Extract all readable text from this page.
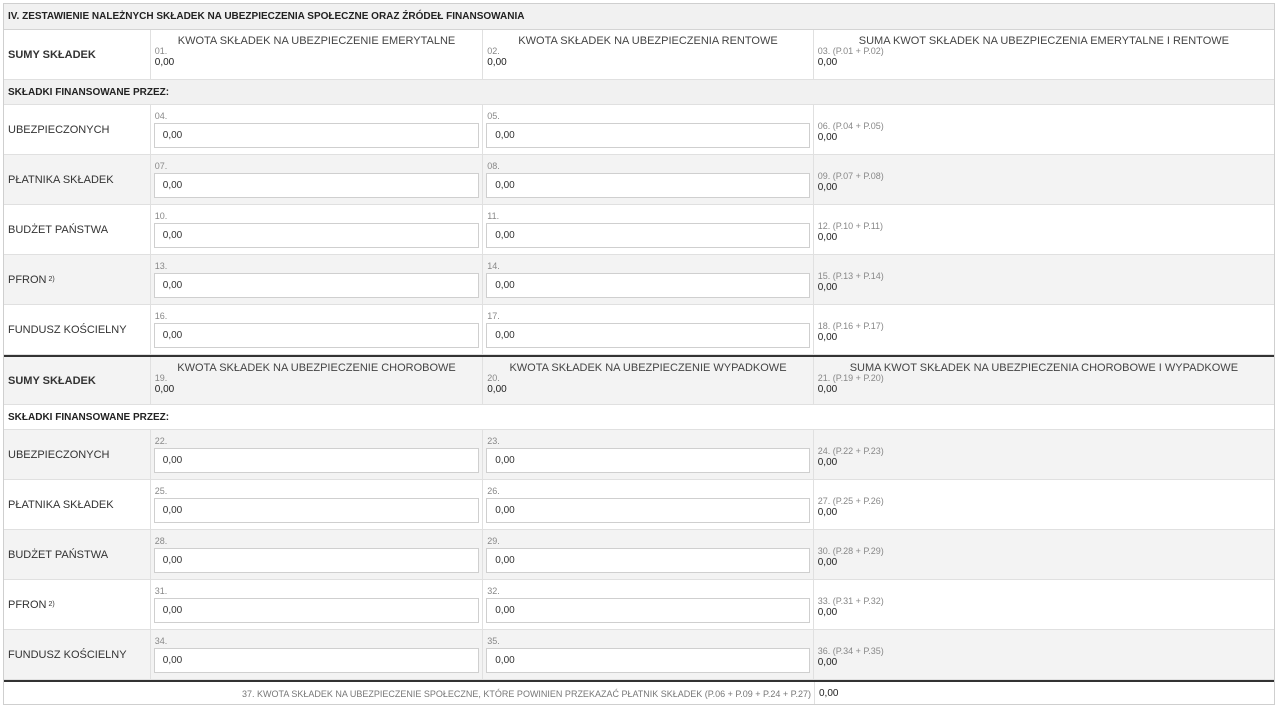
IV. ZESTAWIENIE NALEŻNYCH SKŁADEK NA UBEZPIECZENIA SPOŁECZNE ORAZ ŹRÓDEŁ FINANSOWANIA
SUMY SKŁADEK
KWOTA SKŁADEK NA UBEZPIECZENIE EMERYTALNE
01.
0,00
KWOTA SKŁADEK NA UBEZPIECZENIA RENTOWE
02.
0,00
SUMA KWOT SKŁADEK NA UBEZPIECZENIA EMERYTALNE I RENTOWE
03. (P.01 + P.02)
0,00
SKŁADKI FINANSOWANE PRZEZ:
UBEZPIECZONYCH
04.
0,00
05.
0,00
06. (P.04 + P.05)
0,00
PŁATNIKA SKŁADEK
07.
0,00
08.
0,00
09. (P.07 + P.08)
0,00
BUDŻET PAŃSTWA
10.
0,00
11.
0,00
12. (P.10 + P.11)
0,00
PFRON 2)
13.
0,00
14.
0,00
15. (P.13 + P.14)
0,00
FUNDUSZ KOŚCIELNY
16.
0,00
17.
0,00
18. (P.16 + P.17)
0,00
SUMY SKŁADEK
KWOTA SKŁADEK NA UBEZPIECZENIE CHOROBOWE
19.
0,00
KWOTA SKŁADEK NA UBEZPIECZENIE WYPADKOWE
20.
0,00
SUMA KWOT SKŁADEK NA UBEZPIECZENIA CHOROBOWE I WYPADKOWE
21. (P.19 + P.20)
0,00
SKŁADKI FINANSOWANE PRZEZ:
UBEZPIECZONYCH
22.
0,00
23.
0,00
24. (P.22 + P.23)
0,00
PŁATNIKA SKŁADEK
25.
0,00
26.
0,00
27. (P.25 + P.26)
0,00
BUDŻET PAŃSTWA
28.
0,00
29.
0,00
30. (P.28 + P.29)
0,00
PFRON 2)
31.
0,00
32.
0,00
33. (P.31 + P.32)
0,00
FUNDUSZ KOŚCIELNY
34.
0,00
35.
0,00
36. (P.34 + P.35)
0,00
37. KWOTA SKŁADEK NA UBEZPIECZENIE SPOŁECZNE, KTÓRE POWINIEN PRZEKAZAĆ PŁATNIK SKŁADEK (P.06 + P.09 + P.24 + P.27) 0,00
